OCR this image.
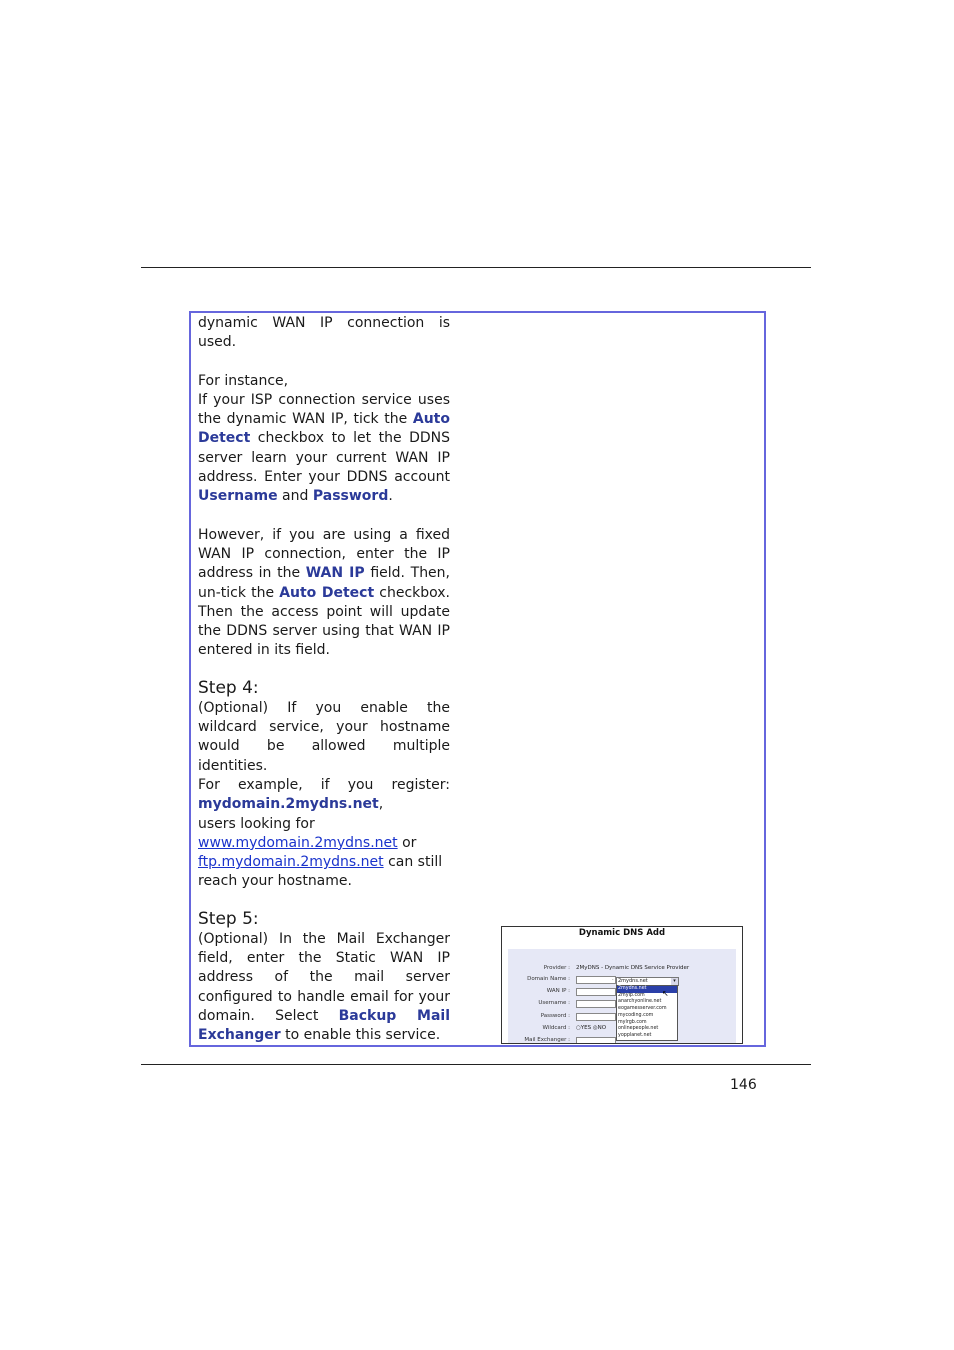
dynamic WAN IP connection is used.

For instance,

If your ISP connection service uses the dynamic WAN IP, tick the Auto Detect checkbox to let the DDNS server learn your current WAN IP address. Enter your DDNS account Username and Password.

However, if you are using a fixed WAN IP connection, enter the IP address in the WAN IP field. Then, un-tick the Auto Detect checkbox. Then the access point will update the DDNS server using that WAN IP entered in its field.

Step 4:

(Optional) If you enable the wildcard service, your hostname would be allowed multiple identities.

For example, if you register: mydomain.2mydns.net,

users looking for

www.mydomain.2mydns.net or

ftp.mydomain.2mydns.net can still reach your hostname.

Step 5:

(Optional) In the Mail Exchanger field, enter the Static WAN IP address of the mail server configured to handle email for your domain. Select Backup Mail Exchanger to enable this service.

Dynamic DNS Add
Provider : 2MyDNS - Dynamic DNS Service Provider
Domain Name :	.
WAN IP :
Username :
Password :
Wildcard : ○YES ◎NO
Mail Exchanger :
2mydns.net	▾
2mydns.net
2myip.com
anarchyonline.net
eogamesserver.com
mycoding.com
mylrgb.com
onlinepeople.net
yopplanet.net
↖
146
